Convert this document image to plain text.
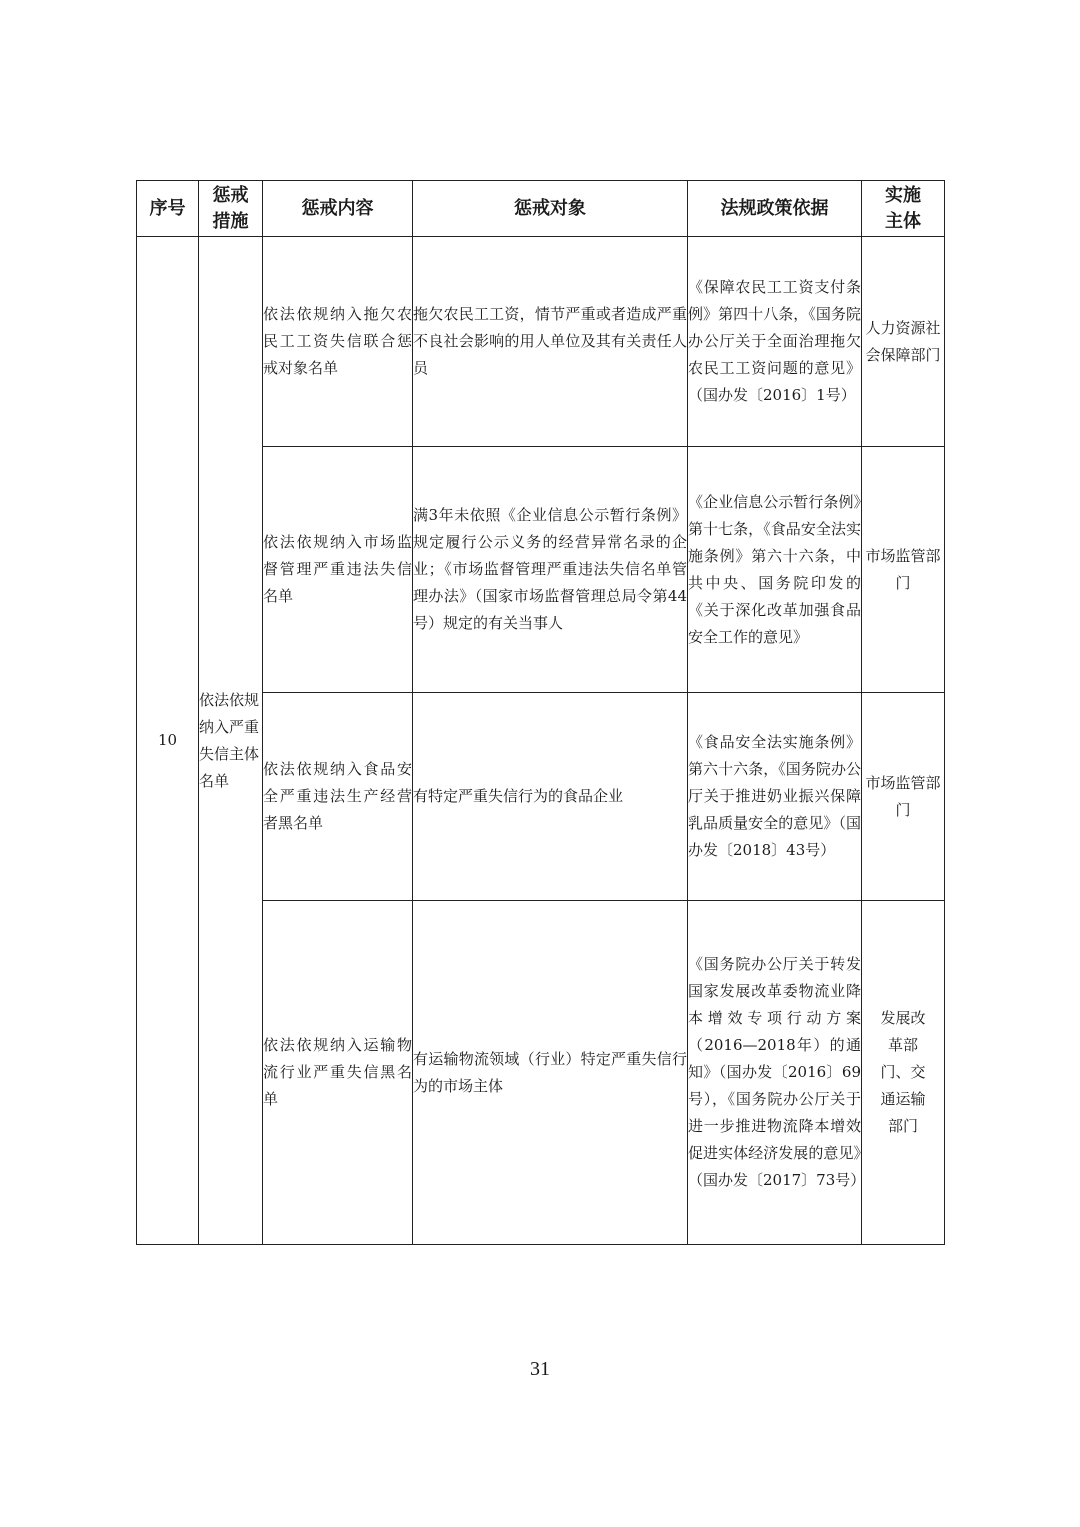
序号	惩戒措施	惩戒内容	惩戒对象	法规政策依据	实施主体
10	依法依规纳入严重失信主体名单	依法依规纳入拖欠农民工工资失信联合惩戒对象名单	拖欠农民工工资，情节严重或者造成严重不良社会影响的用人单位及其有关责任人员	《保障农民工工资支付条例》第四十八条，《国务院办公厅关于全面治理拖欠农民工工资问题的意见》（国办发〔2016〕1号）	人力资源社会保障部门
		依法依规纳入市场监督管理严重违法失信名单	满3年未依照《企业信息公示暂行条例》规定履行公示义务的经营异常名录的企业；《市场监督管理严重违法失信名单管理办法》（国家市场监督管理总局令第44号）规定的有关当事人	《企业信息公示暂行条例》第十七条，《食品安全法实施条例》第六十六条，中共中央、国务院印发的《关于深化改革加强食品安全工作的意见》	市场监管部门
		依法依规纳入食品安全严重违法生产经营者黑名单	有特定严重失信行为的食品企业	《食品安全法实施条例》第六十六条，《国务院办公厅关于推进奶业振兴保障乳品质量安全的意见》（国办发〔2018〕43号）	市场监管部门
		依法依规纳入运输物流行业严重失信黑名单	有运输物流领域（行业）特定严重失信行为的市场主体	《国务院办公厅关于转发国家发展改革委物流业降本增效专项行动方案（2016—2018年）的通知》（国办发〔2016〕69号），《国务院办公厅关于进一步推进物流降本增效促进实体经济发展的意见》（国办发〔2017〕73号）	发展改革部门、交通运输部门
31
